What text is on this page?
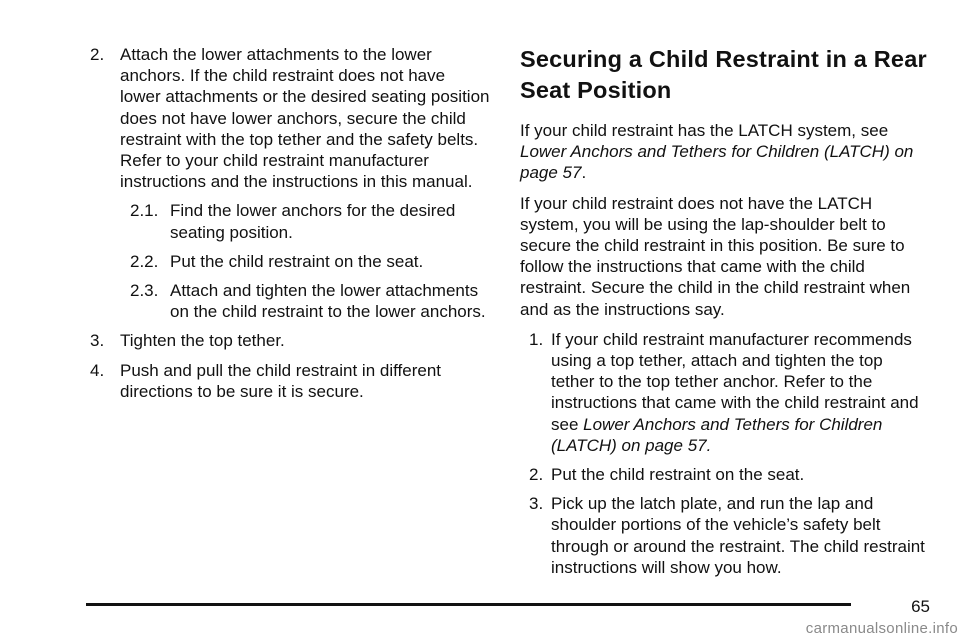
2. Attach the lower attachments to the lower anchors. If the child restraint does not have lower attachments or the desired seating position does not have lower anchors, secure the child restraint with the top tether and the safety belts. Refer to your child restraint manufacturer instructions and the instructions in this manual.
2.1. Find the lower anchors for the desired seating position.
2.2. Put the child restraint on the seat.
2.3. Attach and tighten the lower attachments on the child restraint to the lower anchors.
3. Tighten the top tether.
4. Push and pull the child restraint in different directions to be sure it is secure.
Securing a Child Restraint in a Rear Seat Position

If your child restraint has the LATCH system, see Lower Anchors and Tethers for Children (LATCH) on page 57.

If your child restraint does not have the LATCH system, you will be using the lap-shoulder belt to secure the child restraint in this position. Be sure to follow the instructions that came with the child restraint. Secure the child in the child restraint when and as the instructions say.

1. If your child restraint manufacturer recommends using a top tether, attach and tighten the top tether to the top tether anchor. Refer to the instructions that came with the child restraint and see Lower Anchors and Tethers for Children (LATCH) on page 57.
2. Put the child restraint on the seat.
3. Pick up the latch plate, and run the lap and shoulder portions of the vehicle’s safety belt through or around the restraint. The child restraint instructions will show you how.
65
carmanualsonline.info
